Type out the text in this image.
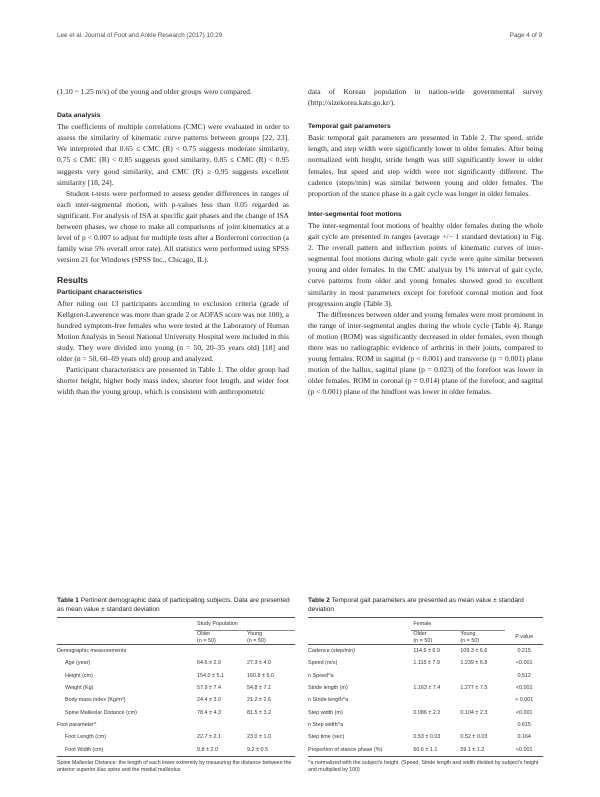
Lee et al. Journal of Foot and Ankle Research (2017) 10:29	Page 4 of 9

(1.10 ~ 1.25 m/s) of the young and older groups were compared.

Data analysis

The coefficients of multiple correlations (CMC) were evaluated in order to assess the similarity of kinematic curve patterns between groups [22, 23]. We interpreted that 0.65 ≤ CMC (R) < 0.75 suggests moderate similarity, 0.75 ≤ CMC (R) < 0.85 suggests good similarity, 0.85 ≤ CMC (R) < 0.95 suggests very good similarity, and CMC (R) ≥ 0.95 suggests excellent similarity [18, 24].

Student t-tests were performed to assess gender differences in ranges of each inter-segmental motion, with p-values less than 0.05 regarded as significant. For analysis of ISA at specific gait phases and the change of ISA between phases, we chose to make all comparisons of joint kinematics at a level of p < 0.007 to adjust for multiple tests after a Bonferroni correction (a family wise 5% overall error rate). All statistics were performed using SPSS version 21 for Windows (SPSS Inc., Chicago, IL).

Results

Participant characteristics

After ruling out 13 participants according to exclusion criteria (grade of Kellgren-Lawerence was more than grade 2 or AOFAS score was not 100), a hundred symptom-free females who were tested at the Laboratory of Human Motion Analysis in Seoul National University Hospital were included in this study. They were divided into young (n = 50, 20–35 years old) [18] and older (n = 50, 60–69 years old) group and analyzed.

Participant characteristics are presented in Table 1. The older group had shorter height, higher body mass index, shorter foot length, and wider foot width than the young group, which is consistent with anthropometric

data of Korean population in nation-wide governmental survey (http://sizekorea.kats.go.kr/).

Temporal gait parameters

Basic temporal gait parameters are presented in Table 2. The speed, stride length, and step width were significantly lower in older females. After being normalized with height, stride length was still significantly lower in older females, but speed and step width were not significantly different. The cadence (steps/min) was similar between young and older females. The proportion of the stance phase in a gait cycle was longer in older females.

Inter-segmental foot motions

The inter-segmental foot motions of healthy older females during the whole gait cycle are presented in ranges (average +/− 1 standard deviation) in Fig. 2. The overall pattern and inflection points of kinematic curves of inter-segmental foot motions during whole gait cycle were quite similar between young and older females. In the CMC analysis by 1% interval of gait cycle, curve patterns from older and young females showed good to excellent similarity in most parameters except for forefoot coronal motion and foot progression angle (Table 3).

The differences between older and young females were most prominent in the range of inter-segmental angles during the whole cycle (Table 4). Range of motion (ROM) was significantly decreased in older females, even though there was no radiographic evidence of arthritis in their joints, compared to young females. ROM in sagittal (p < 0.001) and transverse (p = 0.001) plane motion of the hallux, sagittal plane (p = 0.023) of the forefoot was lower in older females. ROM in coronal (p = 0.014) plane of the forefoot, and sagittal (p < 0.001) plane of the hindfoot was lower in older females.

Table 1 Pertinent demographic data of participating subjects. Data are presented as mean value ± standard deviation

	Study Population	
	Older
(n = 50)	Young
(n = 50)
Demographic measurements		
Age (year)	64.6 ± 2.9	27.3 ± 4.0
Height (cm)	154.0 ± 5.1	160.8 ± 5.0
Weight (Kg)	57.9 ± 7.4	54.8 ± 7.1
Body mass index (Kg/m²)	24.4 ± 3.0	21.2 ± 2.6
Spine Malleolar Distance (cm)	78.4 ± 4.3	81.5 ± 3.2
Foot parameter^		
Foot Length (cm)	22.7 ± 2.1	23.0 ± 1.0
Foot Width (cm)	9.8 ± 2.0	9.2 ± 0.5

Spine Malleolar Distance: the length of each lower extremity by measuring the distance between the anterior superior iliac spine and the medial malleolus

Table 2 Temporal gait parameters are presented as mean value ± standard deviation

	Female		
	Older
(n = 50)	Young
(n = 50)	P value
Cadence (step/min)	114.6 ± 6.9	109.3 ± 6.6	0.215
Speed (m/s)	1.115 ± 7.9	1.239 ± 6.8	<0.001
n Speed^a			0.512
Stride length (m)	1.163 ± 7.4	1.277 ± 7.5	<0.001
n Stride length^a			< 0.001
Step width (m)	0.086 ± 2.2	0.104 ± 2.3	<0.001
n Step width^a			0.615
Step time (sec)	0.53 ± 0.03	0.52 ± 0.03	0.164
Proportion of stance phase (%)	60.6 ± 1.1	59.1 ± 1.2	<0.001

^a normalized with the subject's height. (Speed, Stride length and width divided by subject's height and multiplied by 100)
